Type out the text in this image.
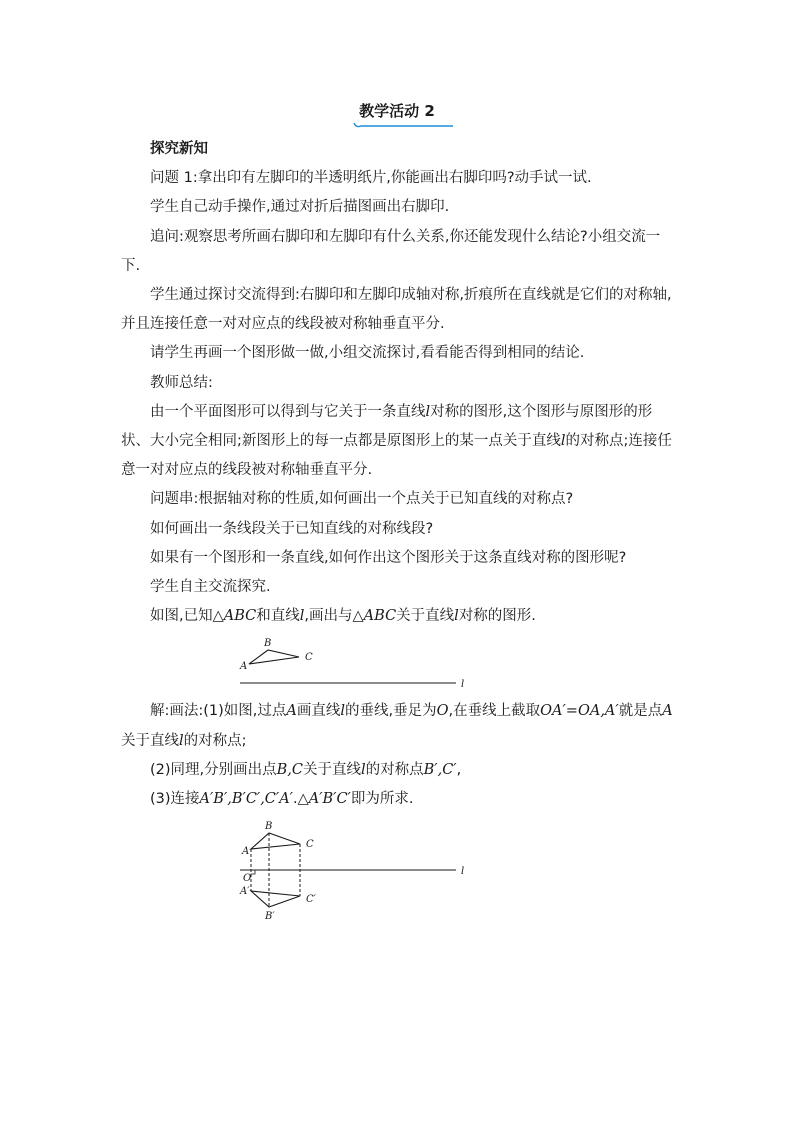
教学活动 2

探究新知

问题 1:拿出印有左脚印的半透明纸片,你能画出右脚印吗?动手试一试.

学生自己动手操作,通过对折后描图画出右脚印.

追问:观察思考所画右脚印和左脚印有什么关系,你还能发现什么结论?小组交流一下.

学生通过探讨交流得到:右脚印和左脚印成轴对称,折痕所在直线就是它们的对称轴,并且连接任意一对对应点的线段被对称轴垂直平分.

请学生再画一个图形做一做,小组交流探讨,看看能否得到相同的结论.

教师总结:

由一个平面图形可以得到与它关于一条直线l对称的图形,这个图形与原图形的形状、大小完全相同;新图形上的每一点都是原图形上的某一点关于直线l的对称点;连接任意一对对应点的线段被对称轴垂直平分.

问题串:根据轴对称的性质,如何画出一个点关于已知直线的对称点?

如何画出一条线段关于已知直线的对称线段?

如果有一个图形和一条直线,如何作出这个图形关于这条直线对称的图形呢?

学生自主交流探究.

如图,已知△ABC和直线l,画出与△ABC关于直线l对称的图形.

B
A
C
l

解:画法:(1)如图,过点A画直线l的垂线,垂足为O,在垂线上截取OA′=OA,A′就是点A关于直线l的对称点;

(2)同理,分别画出点B,C关于直线l的对称点B′,C′,

(3)连接A′B′,B′C′,C′A′.△A′B′C′即为所求.

B
C
A
l
O
A′
C′
B′
